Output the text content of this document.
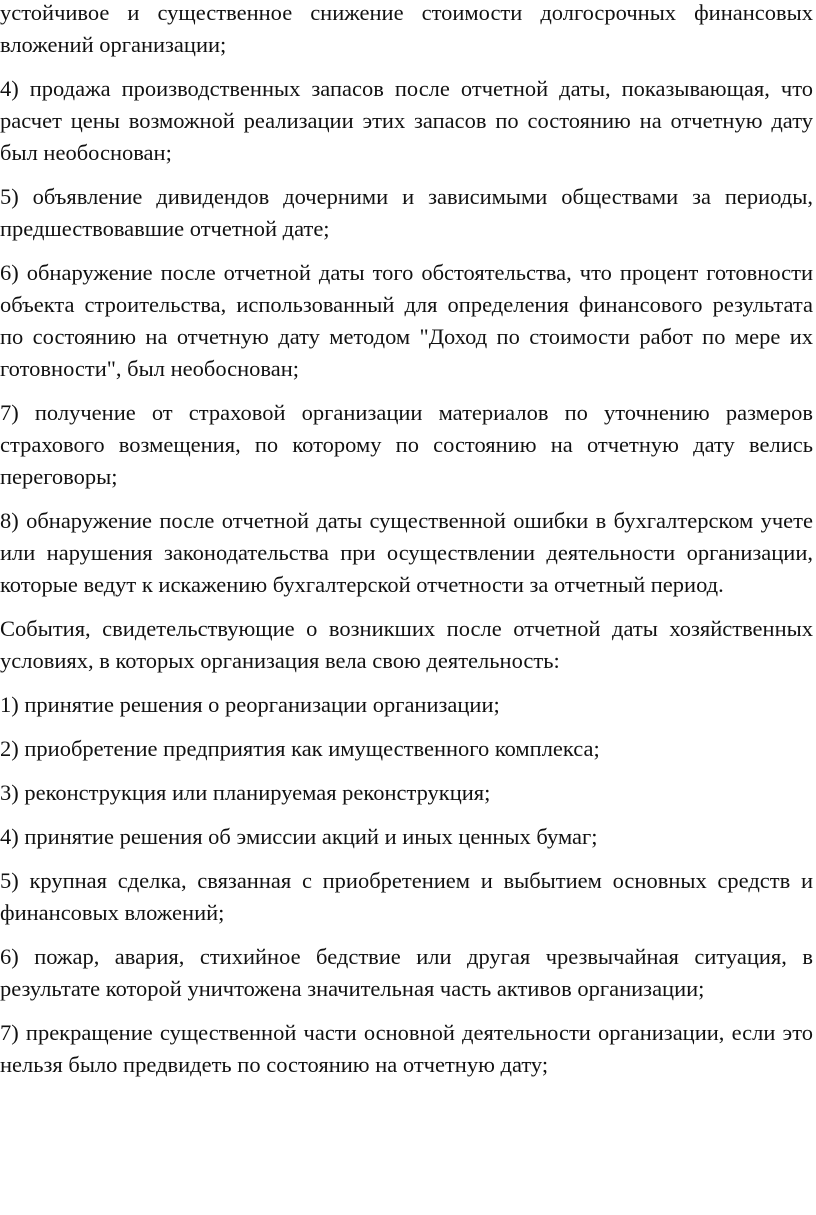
устойчивое и существенное снижение стоимости долгосрочных финансовых вложений организации;

4) продажа производственных запасов после отчетной даты, показывающая, что расчет цены возможной реализации этих запасов по состоянию на отчетную дату был необоснован;

5) объявление дивидендов дочерними и зависимыми обществами за периоды, предшествовавшие отчетной дате;

6) обнаружение после отчетной даты того обстоятельства, что процент готовности объекта строительства, использованный для определения финансового результата по состоянию на отчетную дату методом "Доход по стоимости работ по мере их готовности", был необоснован;

7) получение от страховой организации материалов по уточнению размеров страхового возмещения, по которому по состоянию на отчетную дату велись переговоры;

8) обнаружение после отчетной даты существенной ошибки в бухгалтерском учете или нарушения законодательства при осуществлении деятельности организации, которые ведут к искажению бухгалтерской отчетности за отчетный период.

События, свидетельствующие о возникших после отчетной даты хозяйственных условиях, в которых организация вела свою деятельность:

1) принятие решения о реорганизации организации;

2) приобретение предприятия как имущественного комплекса;

3) реконструкция или планируемая реконструкция;

4) принятие решения об эмиссии акций и иных ценных бумаг;

5) крупная сделка, связанная с приобретением и выбытием основных средств и финансовых вложений;

6) пожар, авария, стихийное бедствие или другая чрезвычайная ситуация, в результате которой уничтожена значительная часть активов организации;

7) прекращение существенной части основной деятельности организации, если это нельзя было предвидеть по состоянию на отчетную дату;
